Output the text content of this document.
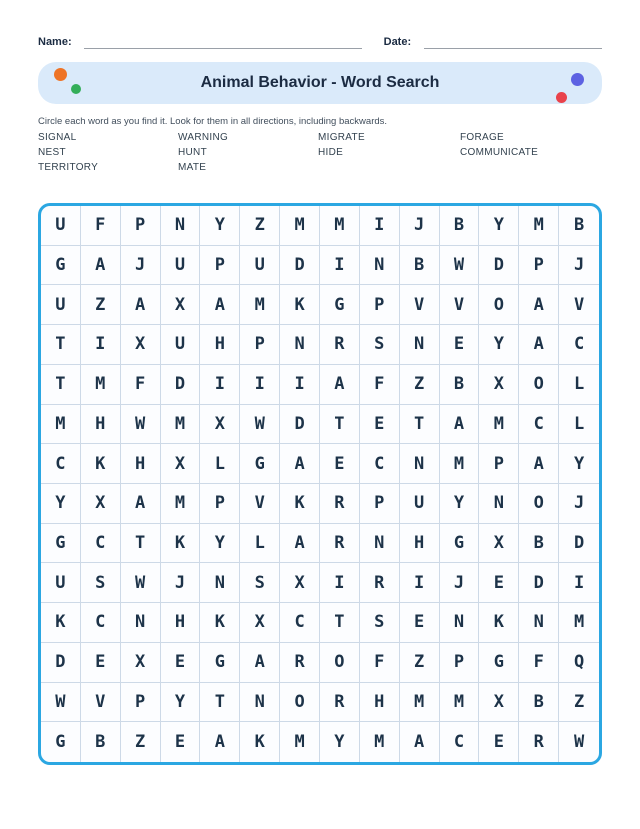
Name:	Date:
Animal Behavior - Word Search

Circle each word as you find it. Look for them in all directions, including backwards.

SIGNAL
NEST
TERRITORY
WARNING
HUNT
MATE
MIGRATE
HIDE
FORAGE
COMMUNICATE
U	F	P	N	Y	Z	M	M	I	J	B	Y	M	B
G	A	J	U	P	U	D	I	N	B	W	D	P	J
U	Z	A	X	A	M	K	G	P	V	V	O	A	V
T	I	X	U	H	P	N	R	S	N	E	Y	A	C
T	M	F	D	I	I	I	A	F	Z	B	X	O	L
M	H	W	M	X	W	D	T	E	T	A	M	C	L
C	K	H	X	L	G	A	E	C	N	M	P	A	Y
Y	X	A	M	P	V	K	R	P	U	Y	N	O	J
G	C	T	K	Y	L	A	R	N	H	G	X	B	D
U	S	W	J	N	S	X	I	R	I	J	E	D	I
K	C	N	H	K	X	C	T	S	E	N	K	N	M
D	E	X	E	G	A	R	O	F	Z	P	G	F	Q
W	V	P	Y	T	N	O	R	H	M	M	X	B	Z
G	B	Z	E	A	K	M	Y	M	A	C	E	R	W
